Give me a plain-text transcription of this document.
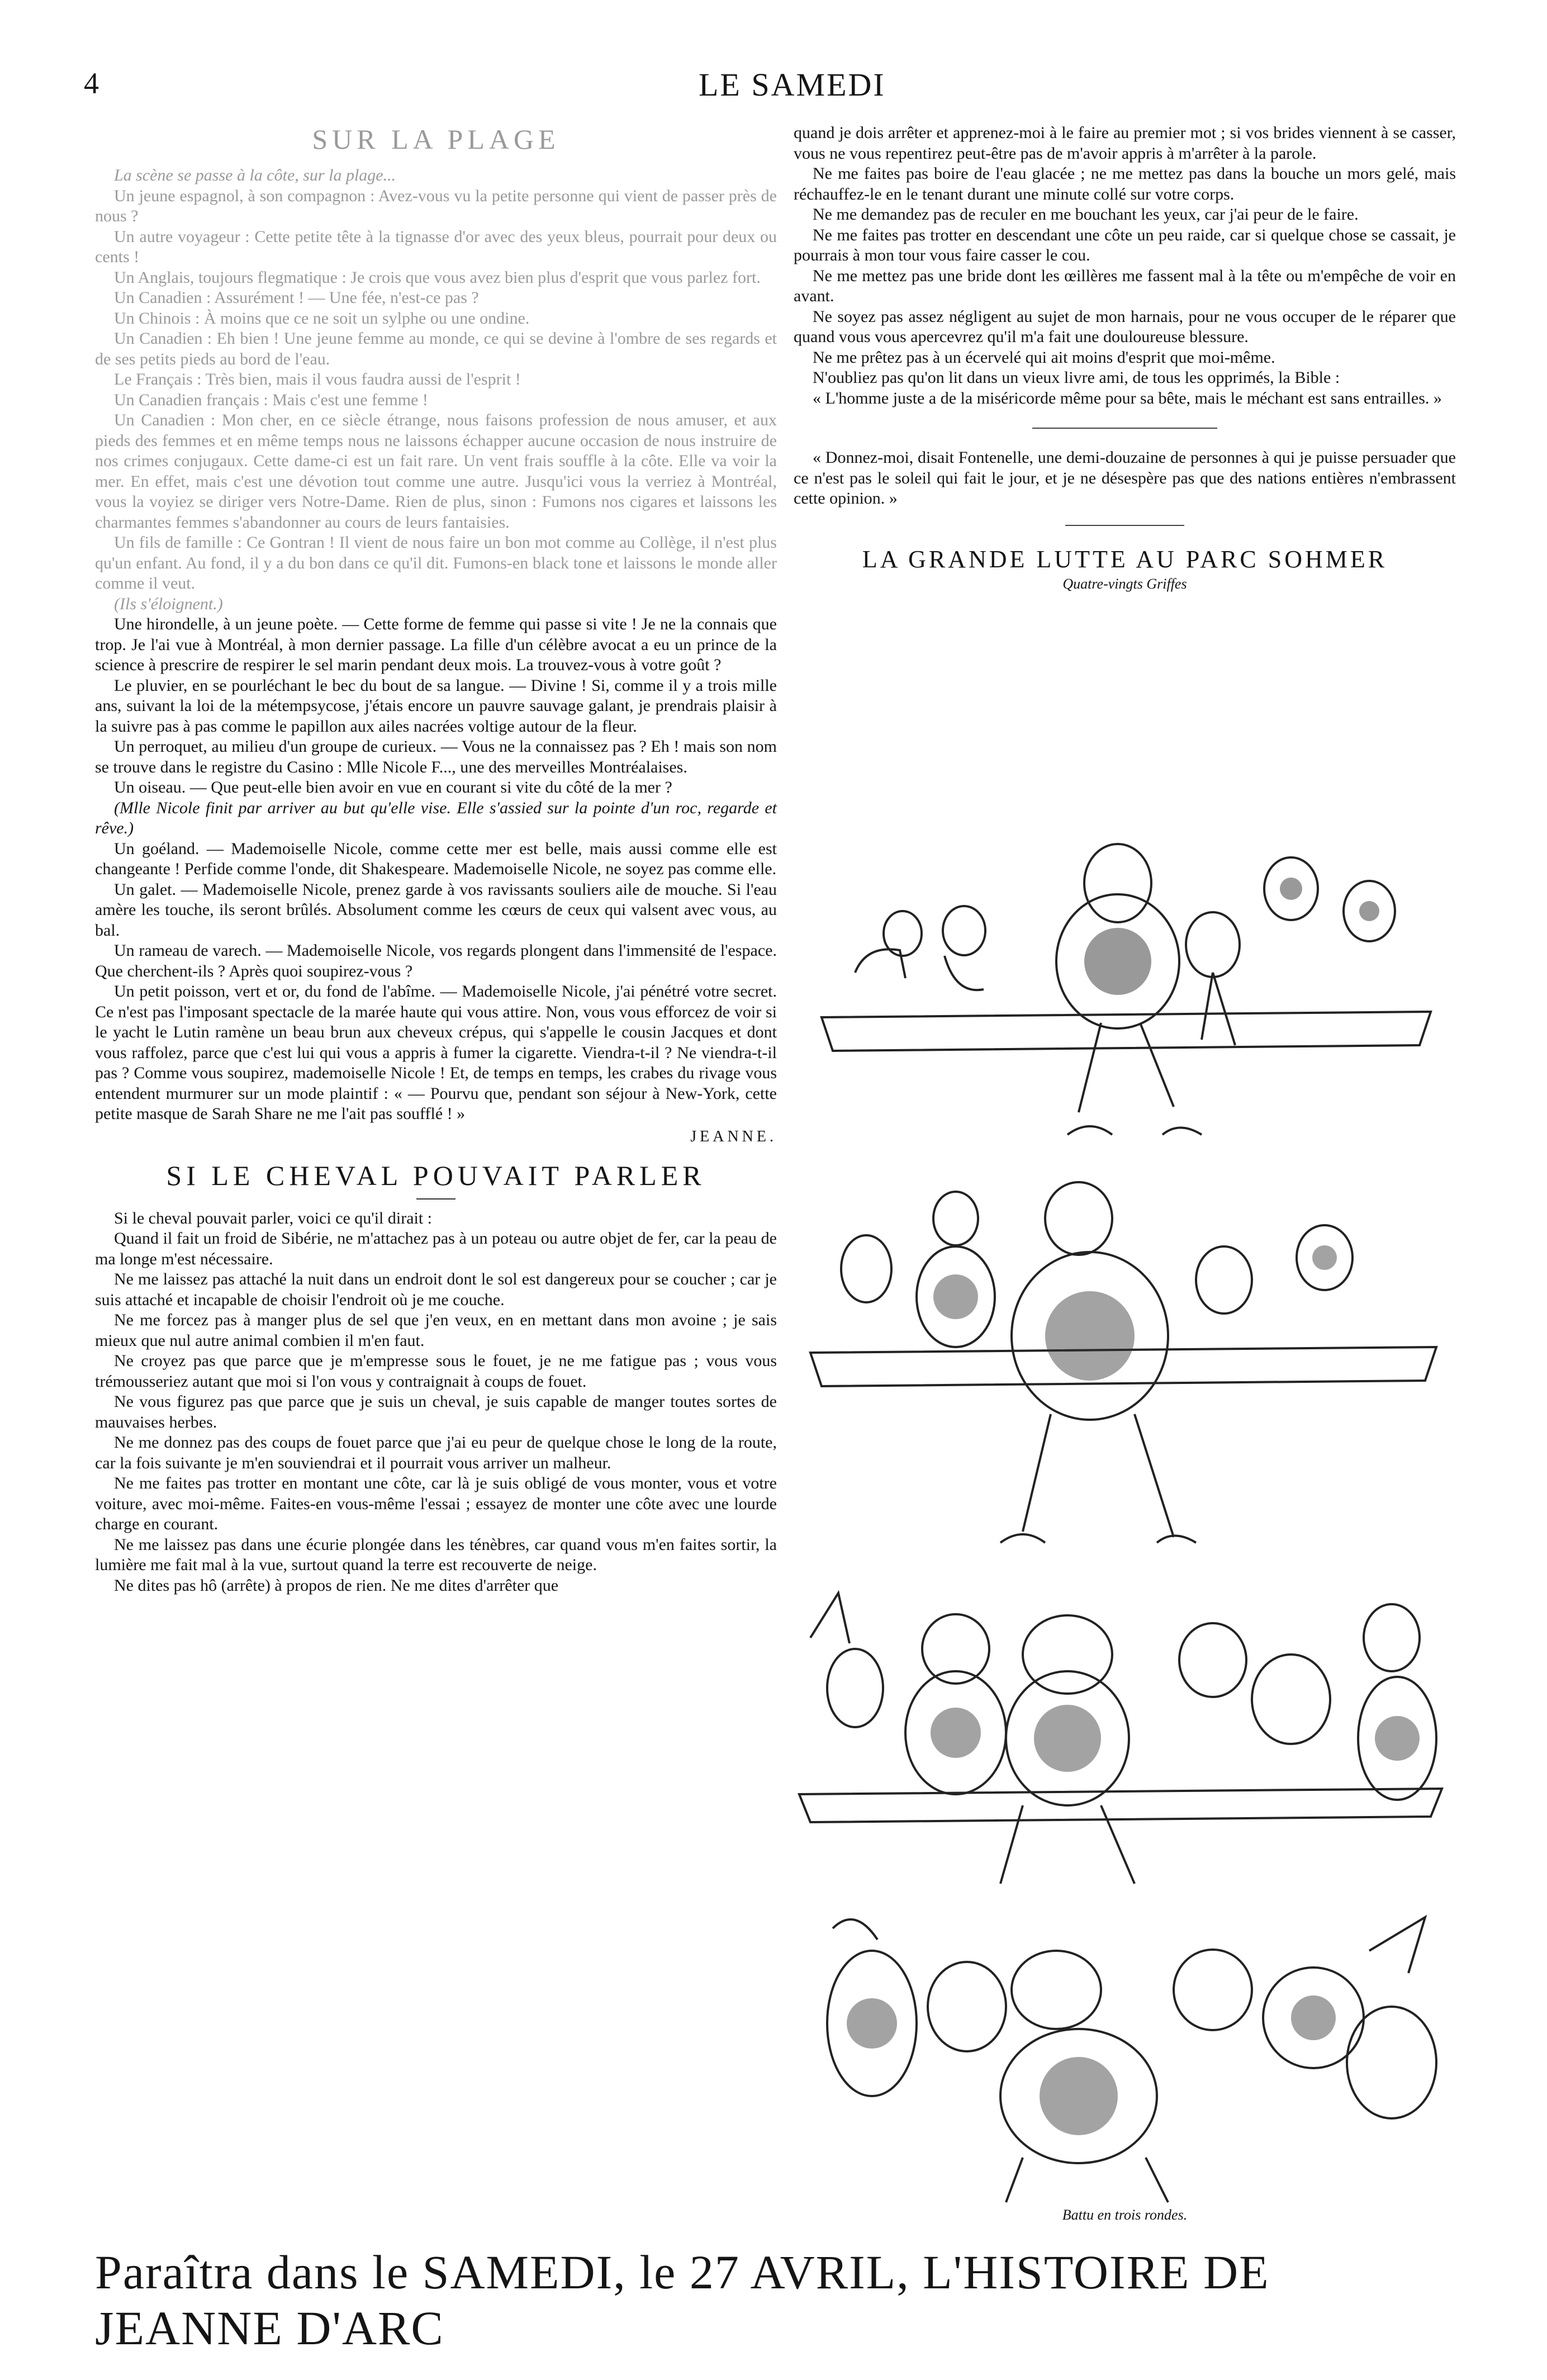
4	LE SAMEDI
SUR LA PLAGE

La scène se passe à la côte, sur la plage...

Un jeune espagnol, à son compagnon : Avez-vous vu la petite personne qui vient de passer près de nous ?

Un autre voyageur : Cette petite tête à la tignasse d'or avec des yeux bleus, pourrait pour deux ou cents !

Un Anglais, toujours flegmatique : Je crois que vous avez bien plus d'esprit que vous parlez fort.

Un Canadien : Assurément ! — Une fée, n'est-ce pas ?

Un Chinois : À moins que ce ne soit un sylphe ou une ondine.

Un Canadien : Eh bien ! Une jeune femme au monde, ce qui se devine à l'ombre de ses regards et de ses petits pieds au bord de l'eau.

Le Français : Très bien, mais il vous faudra aussi de l'esprit !

Un Canadien français : Mais c'est une femme !

Un Canadien : Mon cher, en ce siècle étrange, nous faisons profession de nous amuser, et aux pieds des femmes et en même temps nous ne laissons échapper aucune occasion de nous instruire de nos crimes conjugaux. Cette dame-ci est un fait rare. Un vent frais souffle à la côte. Elle va voir la mer. En effet, mais c'est une dévotion tout comme une autre. Jusqu'ici vous la verriez à Montréal, vous la voyiez se diriger vers Notre-Dame. Rien de plus, sinon : Fumons nos cigares et laissons les charmantes femmes s'abandonner au cours de leurs fantaisies.

Un fils de famille : Ce Gontran ! Il vient de nous faire un bon mot comme au Collège, il n'est plus qu'un enfant. Au fond, il y a du bon dans ce qu'il dit. Fumons-en black tone et laissons le monde aller comme il veut.

(Ils s'éloignent.)

Une hirondelle, à un jeune poète. — Cette forme de femme qui passe si vite ! Je ne la connais que trop. Je l'ai vue à Montréal, à mon dernier passage. La fille d'un célèbre avocat a eu un prince de la science à prescrire de respirer le sel marin pendant deux mois. La trouvez-vous à votre goût ?

Le pluvier, en se pourléchant le bec du bout de sa langue. — Divine ! Si, comme il y a trois mille ans, suivant la loi de la métempsycose, j'étais encore un pauvre sauvage galant, je prendrais plaisir à la suivre pas à pas comme le papillon aux ailes nacrées voltige autour de la fleur.

Un perroquet, au milieu d'un groupe de curieux. — Vous ne la connaissez pas ? Eh ! mais son nom se trouve dans le registre du Casino : Mlle Nicole F..., une des merveilles Montréalaises.

Un oiseau. — Que peut-elle bien avoir en vue en courant si vite du côté de la mer ?

(Mlle Nicole finit par arriver au but qu'elle vise. Elle s'assied sur la pointe d'un roc, regarde et rêve.)

Un goéland. — Mademoiselle Nicole, comme cette mer est belle, mais aussi comme elle est changeante ! Perfide comme l'onde, dit Shakespeare. Mademoiselle Nicole, ne soyez pas comme elle.

Un galet. — Mademoiselle Nicole, prenez garde à vos ravissants souliers aile de mouche. Si l'eau amère les touche, ils seront brûlés. Absolument comme les cœurs de ceux qui valsent avec vous, au bal.

Un rameau de varech. — Mademoiselle Nicole, vos regards plongent dans l'immensité de l'espace. Que cherchent-ils ? Après quoi soupirez-vous ?

Un petit poisson, vert et or, du fond de l'abîme. — Mademoiselle Nicole, j'ai pénétré votre secret. Ce n'est pas l'imposant spectacle de la marée haute qui vous attire. Non, vous vous efforcez de voir si le yacht le Lutin ramène un beau brun aux cheveux crépus, qui s'appelle le cousin Jacques et dont vous raffolez, parce que c'est lui qui vous a appris à fumer la cigarette. Viendra-t-il ? Ne viendra-t-il pas ? Comme vous soupirez, mademoiselle Nicole ! Et, de temps en temps, les crabes du rivage vous entendent murmurer sur un mode plaintif : « — Pourvu que, pendant son séjour à New-York, cette petite masque de Sarah Share ne me l'ait pas soufflé ! »

JEANNE.
SI LE CHEVAL POUVAIT PARLER

Si le cheval pouvait parler, voici ce qu'il dirait :

Quand il fait un froid de Sibérie, ne m'attachez pas à un poteau ou autre objet de fer, car la peau de ma longe m'est nécessaire.

Ne me laissez pas attaché la nuit dans un endroit dont le sol est dangereux pour se coucher ; car je suis attaché et incapable de choisir l'endroit où je me couche.

Ne me forcez pas à manger plus de sel que j'en veux, en en mettant dans mon avoine ; je sais mieux que nul autre animal combien il m'en faut.

Ne croyez pas que parce que je m'empresse sous le fouet, je ne me fatigue pas ; vous vous trémousseriez autant que moi si l'on vous y contraignait à coups de fouet.

Ne vous figurez pas que parce que je suis un cheval, je suis capable de manger toutes sortes de mauvaises herbes.

Ne me donnez pas des coups de fouet parce que j'ai eu peur de quelque chose le long de la route, car la fois suivante je m'en souviendrai et il pourrait vous arriver un malheur.

Ne me faites pas trotter en montant une côte, car là je suis obligé de vous monter, vous et votre voiture, avec moi-même. Faites-en vous-même l'essai ; essayez de monter une côte avec une lourde charge en courant.

Ne me laissez pas dans une écurie plongée dans les ténèbres, car quand vous m'en faites sortir, la lumière me fait mal à la vue, surtout quand la terre est recouverte de neige.

Ne dites pas hô (arrête) à propos de rien. Ne me dites d'arrêter que

quand je dois arrêter et apprenez-moi à le faire au premier mot ; si vos brides viennent à se casser, vous ne vous repentirez peut-être pas de m'avoir appris à m'arrêter à la parole.

Ne me faites pas boire de l'eau glacée ; ne me mettez pas dans la bouche un mors gelé, mais réchauffez-le en le tenant durant une minute collé sur votre corps.

Ne me demandez pas de reculer en me bouchant les yeux, car j'ai peur de le faire.

Ne me faites pas trotter en descendant une côte un peu raide, car si quelque chose se cassait, je pourrais à mon tour vous faire casser le cou.

Ne me mettez pas une bride dont les œillères me fassent mal à la tête ou m'empêche de voir en avant.

Ne soyez pas assez négligent au sujet de mon harnais, pour ne vous occuper de le réparer que quand vous vous apercevrez qu'il m'a fait une douloureuse blessure.

Ne me prêtez pas à un écervelé qui ait moins d'esprit que moi-même.

N'oubliez pas qu'on lit dans un vieux livre ami, de tous les opprimés, la Bible :

« L'homme juste a de la miséricorde même pour sa bête, mais le méchant est sans entrailles. »

« Donnez-moi, disait Fontenelle, une demi-douzaine de personnes à qui je puisse persuader que ce n'est pas le soleil qui fait le jour, et je ne désespère pas que des nations entières n'embrassent cette opinion. »

LA GRANDE LUTTE AU PARC SOHMER
Quatre-vingts Griffes
Battu en trois rondes.
Paraîtra dans le SAMEDI, le 27 AVRIL, L'HISTOIRE DE JEANNE D'ARC
